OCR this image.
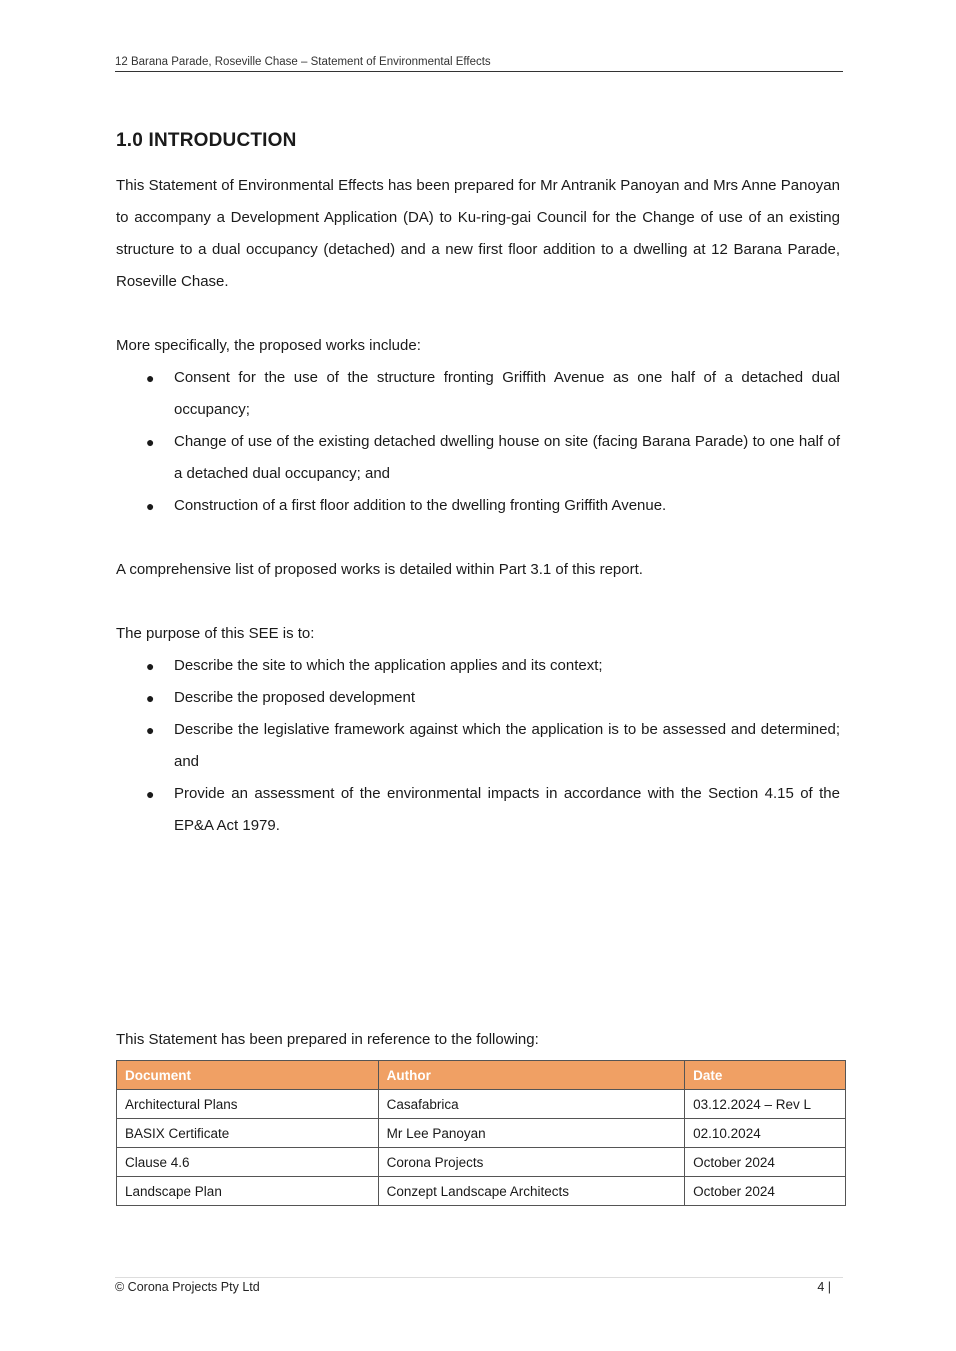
12 Barana Parade, Roseville Chase – Statement of Environmental Effects
1.0 INTRODUCTION

This Statement of Environmental Effects has been prepared for Mr Antranik Panoyan and Mrs Anne Panoyan to accompany a Development Application (DA) to Ku-ring-gai Council for the Change of use of an existing structure to a dual occupancy (detached) and a new first floor addition to a dwelling at 12 Barana Parade, Roseville Chase.

More specifically, the proposed works include:

● Consent for the use of the structure fronting Griffith Avenue as one half of a detached dual occupancy;
● Change of use of the existing detached dwelling house on site (facing Barana Parade) to one half of a detached dual occupancy; and
● Construction of a first floor addition to the dwelling fronting Griffith Avenue.

A comprehensive list of proposed works is detailed within Part 3.1 of this report.

The purpose of this SEE is to:

● Describe the site to which the application applies and its context;
● Describe the proposed development
● Describe the legislative framework against which the application is to be assessed and determined; and
● Provide an assessment of the environmental impacts in accordance with the Section 4.15 of the EP&A Act 1979.
This Statement has been prepared in reference to the following:
Document	Author	Date
Architectural Plans	Casafabrica	03.12.2024 – Rev L
BASIX Certificate	Mr Lee Panoyan	02.10.2024
Clause 4.6	Corona Projects	October 2024
Landscape Plan	Conzept Landscape Architects	October 2024
© Corona Projects Pty Ltd	4 |
